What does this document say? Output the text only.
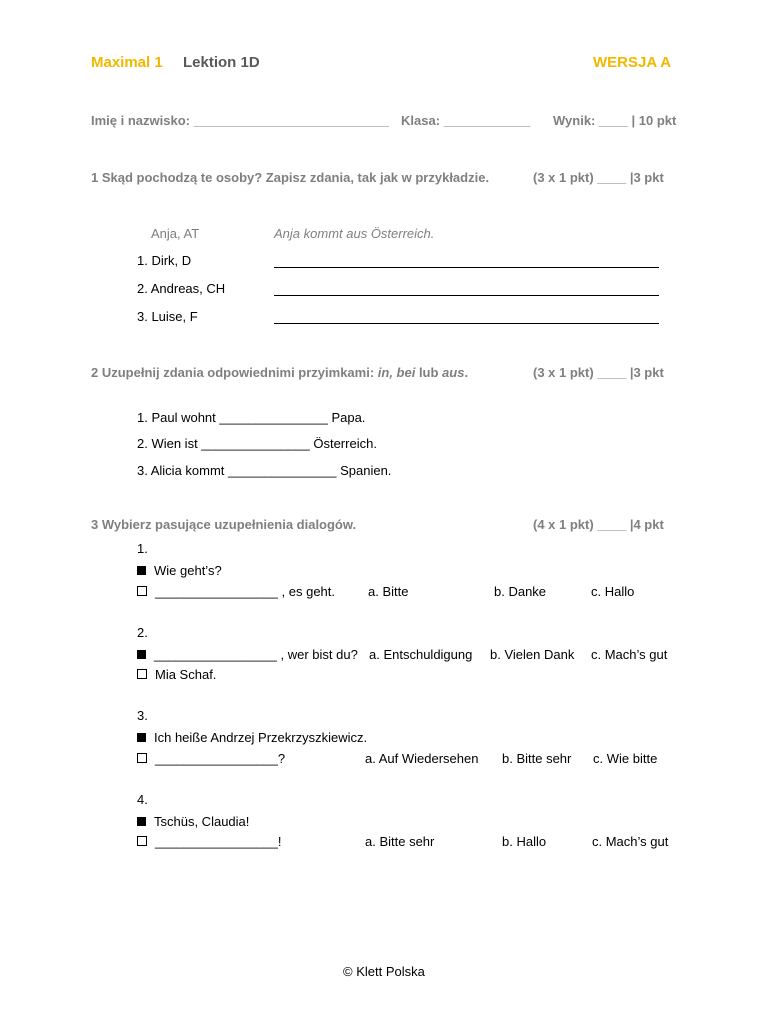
Maximal 1 Lektion 1D	WERSJA A
Imię i nazwisko: ___________________________ Klasa: ____________ Wynik: ____ | 10 pkt
1 Skąd pochodzą te osoby? Zapisz zdania, tak jak w przykładzie.	(3 x 1 pkt) ____ |3 pkt
Anja, AT	Anja kommt aus Österreich.
1. Dirk, D
2. Andreas, CH
3. Luise, F
2 Uzupełnij zdania odpowiednimi przyimkami: in, bei lub aus.	(3 x 1 pkt) ____ |3 pkt
1. Paul wohnt _______________ Papa.
2. Wien ist _______________ Österreich.
3. Alicia kommt _______________ Spanien.
3 Wybierz pasujące uzupełnienia dialogów.	(4 x 1 pkt) ____ |4 pkt
1.
Wie geht’s?
_________________ , es geht.	a. Bitte	b. Danke	c. Hallo
2.
_________________ , wer bist du? a. Entschuldigung b. Vielen Dank c. Mach’s gut
Mia Schaf.
3.
Ich heiße Andrzej Przekrzyszkiewicz.
_________________?	a. Auf Wiedersehen b. Bitte sehr c. Wie bitte
4.
Tschüs, Claudia!
_________________!	a. Bitte sehr	b. Hallo	c. Mach’s gut
© Klett Polska
